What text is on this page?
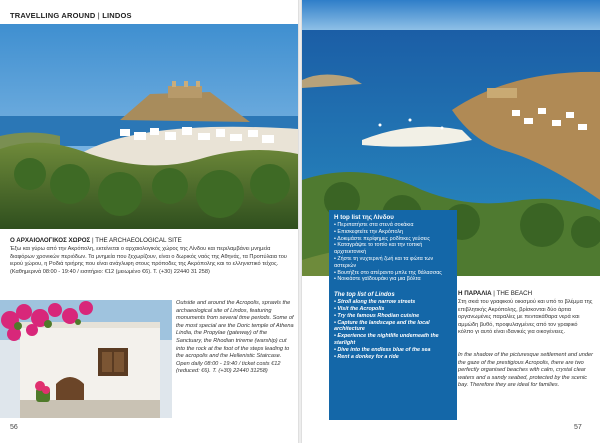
TRAVELLING AROUND | LINDOS
Ο ΑΡΧΑΙΟΛΟΓΙΚΟΣ ΧΩΡΟΣ | THE ARCHAEOLOGICAL SITE
Έξω και γύρω από την Ακρόπολη, εκτείνεται ο αρχαιολογικός χώρος της Λίνδου και περιλαμβάνει μνημεία διαφόρων χρονικών περιόδων. Τα μνημεία που ξεχωρίζουν, είναι ο δωρικός ναός της Αθηνάς, τα Προπύλαια του ιερού χώρου, η Ροδιά τριήρης που είναι ανάγλυφη στους πρόποδες της Ακρόπολης και το ελληνιστικό τείχος. (Καθημερινά 08:00 - 19:40 / εισιτήριο: €12 (μειωμένο €6). Τ. (+30) 22440 31 258)
Outside and around the Acropolis, sprawls the archaeological site of Lindos, featuring monuments from several time periods. Some of the most special are the Doric temple of Athena Lindia, the Propylae (gateway) of the Sanctuary, the Rhodian trireme (warship) cut into the rock at the foot of the steps leading to the acropolis and the Hellenistic Staircase. Open daily 08:00 - 19:40 / ticket costs €12 (reduced: €6). T. (+30) 22440 31258)
56
Η top list της Λίνδου
• Περιπατήστε στα στενά σοκάκια
• Επισκεφτείτε την Ακρόπολη
• Δοκιμάστε περίφημες ροδίτικες γεύσεις
• Καταγράψτε το τοπίο και την τοπική αρχιτεκτονική
• Ζήστε τη νυχτερινή ζωή και τα φώτα των αστεριών
• Βουτήξτε στο απέραντο μπλε της θάλασσας
• Νοικιάστε γαϊδουράκι για μια βόλτα
The top list of Lindos
• Stroll along the narrow streets
• Visit the Acropolis
• Try the famous Rhodian cuisine
• Capture the landscape and the local architecture
• Experience the nightlife underneath the starlight
• Dive into the endless blue of the sea
• Rent a donkey for a ride
Η ΠΑΡΑΛΙΑ | THE BEACH
Στη σκιά του γραφικού οικισμού και υπό το βλέμμα της επιβλητικής Ακρόπολης, βρίσκονται δύο άρτια οργανωμένες παραλίες με πεντακάθαρα νερά και αμμώδη βυθό, προφυλαγμένες από τον γραφικό κόλπο γι αυτό είναι ιδανικές για οικογένειες.
In the shadow of the picturesque settlement and under the gaze of the prestigious Acropolis, there are two perfectly organised beaches with calm, crystal clear waters and a sandy seabed, protected by the scenic bay. Therefore they are ideal for families.
57
